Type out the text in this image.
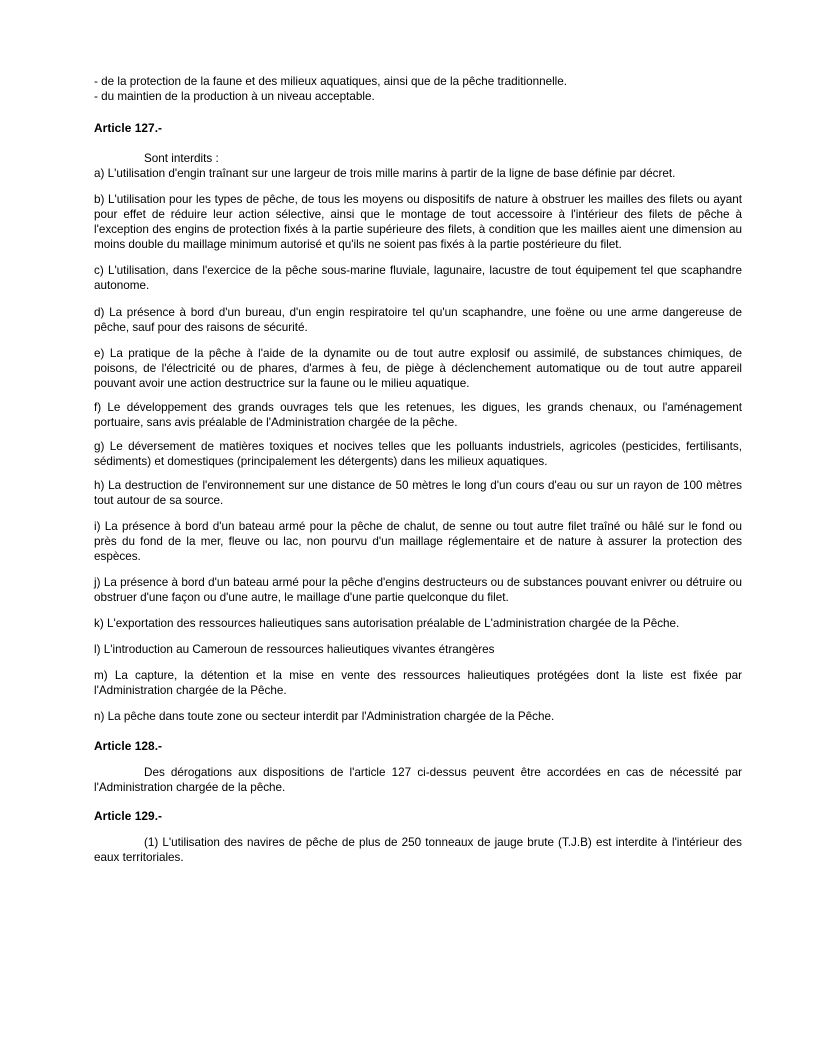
- de la protection de la faune et des milieux aquatiques, ainsi que de la pêche traditionnelle.

- du maintien de la production à un niveau acceptable.

Article 127.-

Sont interdits :

a) L'utilisation d'engin traînant sur une largeur de trois mille marins à partir de la ligne de base définie par décret.

b) L'utilisation pour les types de pêche, de tous les moyens ou dispositifs de nature à obstruer les mailles des filets ou ayant pour effet de réduire leur action sélective, ainsi que le montage de tout accessoire à l'intérieur des filets de pêche à l'exception des engins de protection fixés à la partie supérieure des filets, à condition que les mailles aient une dimension au moins double du maillage minimum autorisé et qu'ils ne soient pas fixés à la partie postérieure du filet.

c) L'utilisation, dans l'exercice de la pêche sous-marine fluviale, lagunaire, lacustre de tout équipement tel que scaphandre autonome.

d) La présence à bord d'un bureau, d'un engin respiratoire tel qu'un scaphandre, une foëne ou une arme dangereuse de pêche, sauf pour des raisons de sécurité.

e) La pratique de la pêche à l'aide de la dynamite ou de tout autre explosif ou assimilé, de substances chimiques, de poisons, de l'électricité ou de phares, d'armes à feu, de piège à déclenchement automatique ou de tout autre appareil pouvant avoir une action destructrice sur la faune ou le milieu aquatique.

f) Le développement des grands ouvrages tels que les retenues, les digues, les grands chenaux, ou l'aménagement portuaire, sans avis préalable de l'Administration chargée de la pêche.

g) Le déversement de matières toxiques et nocives telles que les polluants industriels, agricoles (pesticides, fertilisants, sédiments) et domestiques (principalement les détergents) dans les milieux aquatiques.

h) La destruction de l'environnement sur une distance de 50 mètres le long d'un cours d'eau ou sur un rayon de 100 mètres tout autour de sa source.

i) La présence à bord d'un bateau armé pour la pêche de chalut, de senne ou tout autre filet traîné ou hâlé sur le fond ou près du fond de la mer, fleuve ou lac, non pourvu d'un maillage réglementaire et de nature à assurer la protection des espèces.

j) La présence à bord d'un bateau armé pour la pêche d'engins destructeurs ou de substances pouvant enivrer ou détruire ou obstruer d'une façon ou d'une autre, le maillage d'une partie quelconque du filet.

k) L'exportation des ressources halieutiques sans autorisation préalable de L'administration chargée de la Pêche.

l) L'introduction au Cameroun de ressources halieutiques vivantes étrangères

m) La capture, la détention et la mise en vente des ressources halieutiques protégées dont la liste est fixée par l'Administration chargée de la Pêche.

n) La pêche dans toute zone ou secteur interdit par l'Administration chargée de la Pêche.

Article 128.-

Des dérogations aux dispositions de l'article 127 ci-dessus peuvent être accordées en cas de nécessité par l'Administration chargée de la pêche.

Article 129.-

(1) L'utilisation des navires de pêche de plus de 250 tonneaux de jauge brute (T.J.B) est interdite à l'intérieur des eaux territoriales.
